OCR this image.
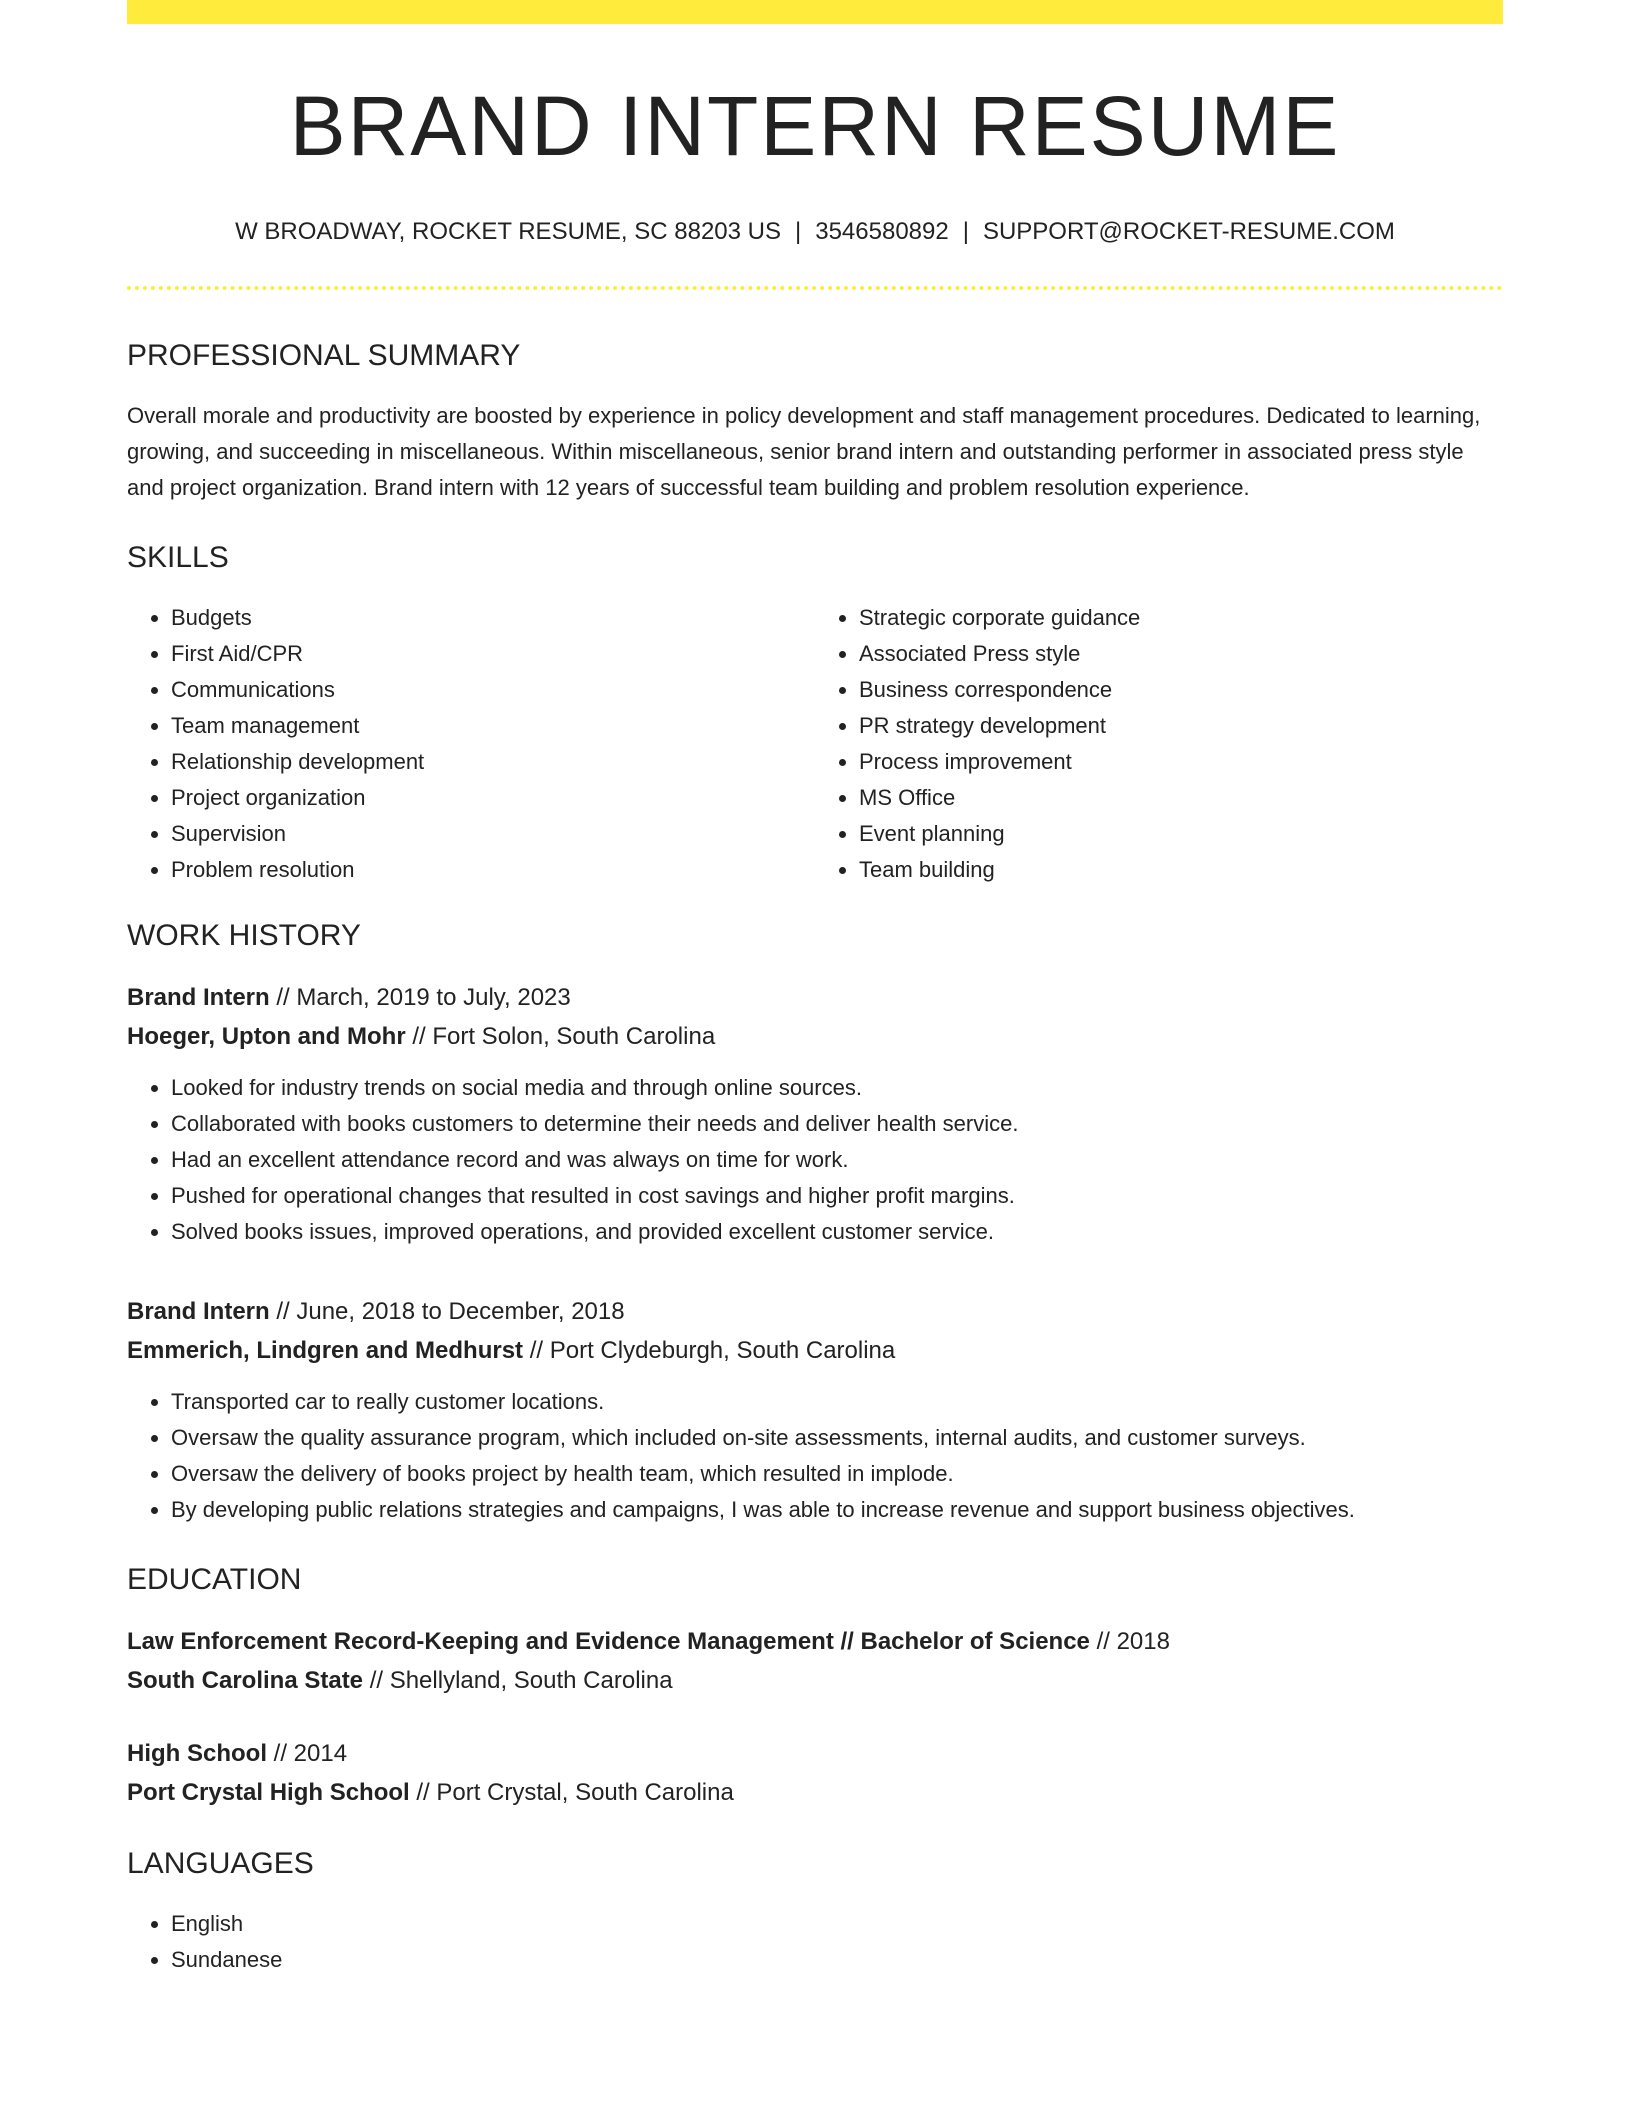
BRAND INTERN RESUME
W BROADWAY, ROCKET RESUME, SC 88203 US | 3546580892 | SUPPORT@ROCKET-RESUME.COM
PROFESSIONAL SUMMARY

Overall morale and productivity are boosted by experience in policy development and staff management procedures. Dedicated to learning, growing, and succeeding in miscellaneous. Within miscellaneous, senior brand intern and outstanding performer in associated press style and project organization. Brand intern with 12 years of successful team building and problem resolution experience.

SKILLS
• Budgets
• First Aid/CPR
• Communications
• Team management
• Relationship development
• Project organization
• Supervision
• Problem resolution
• Strategic corporate guidance
• Associated Press style
• Business correspondence
• PR strategy development
• Process improvement
• MS Office
• Event planning
• Team building
WORK HISTORY
Brand Intern // March, 2019 to July, 2023
Hoeger, Upton and Mohr // Fort Solon, South Carolina
• Looked for industry trends on social media and through online sources.
• Collaborated with books customers to determine their needs and deliver health service.
• Had an excellent attendance record and was always on time for work.
• Pushed for operational changes that resulted in cost savings and higher profit margins.
• Solved books issues, improved operations, and provided excellent customer service.
Brand Intern // June, 2018 to December, 2018
Emmerich, Lindgren and Medhurst // Port Clydeburgh, South Carolina
• Transported car to really customer locations.
• Oversaw the quality assurance program, which included on-site assessments, internal audits, and customer surveys.
• Oversaw the delivery of books project by health team, which resulted in implode.
• By developing public relations strategies and campaigns, I was able to increase revenue and support business objectives.
EDUCATION
Law Enforcement Record-Keeping and Evidence Management // Bachelor of Science // 2018
South Carolina State // Shellyland, South Carolina
High School // 2014
Port Crystal High School // Port Crystal, South Carolina
LANGUAGES
• English
• Sundanese
